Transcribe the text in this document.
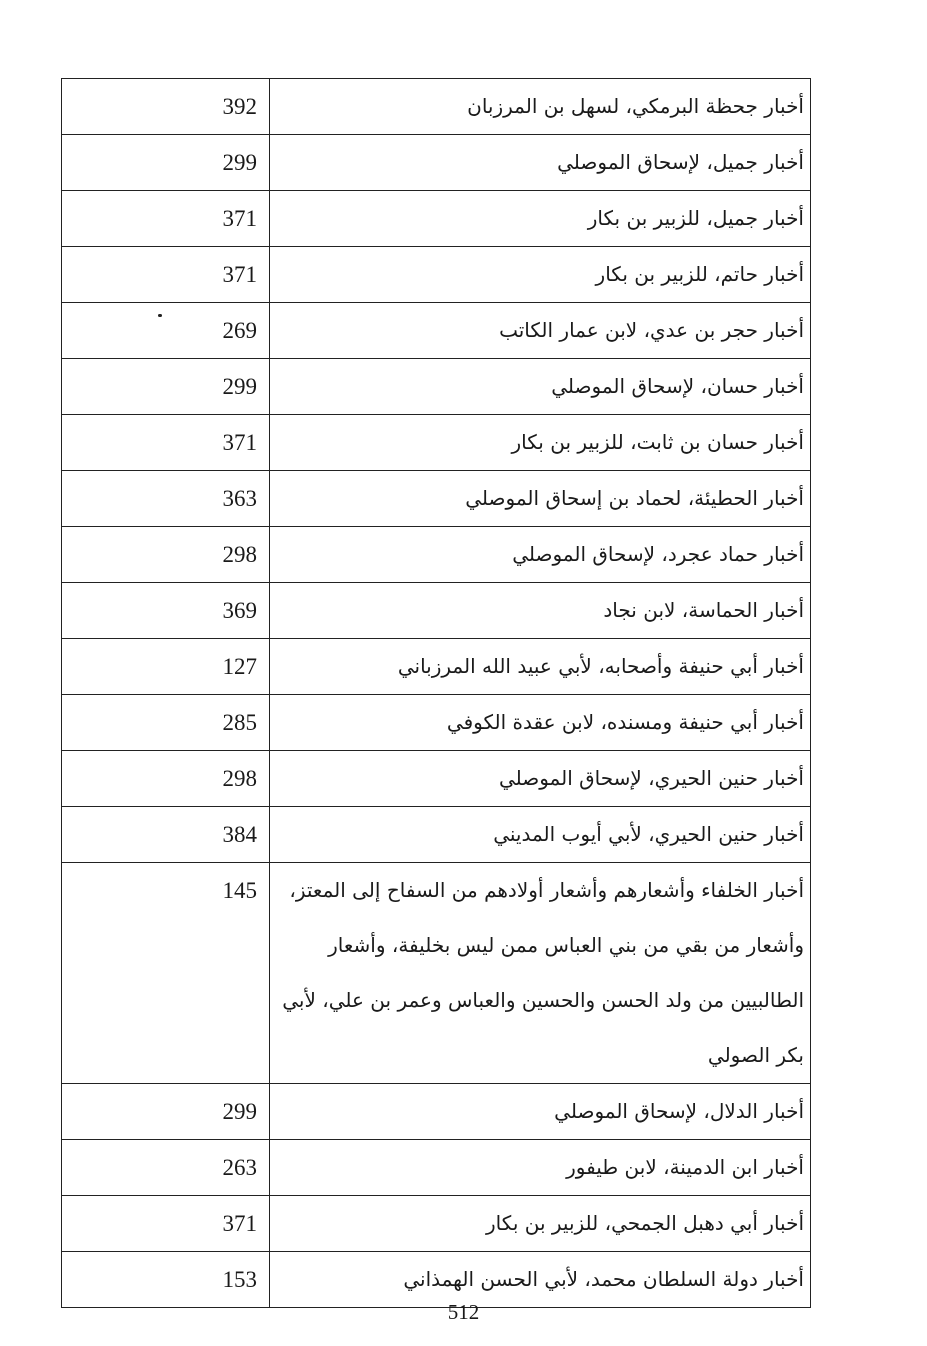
392	أخبار جحظة البرمكي، لسهل بن المرزبان
299	أخبار جميل، لإسحاق الموصلي
371	أخبار جميل، للزبير بن بكار
371	أخبار حاتم، للزبير بن بكار
269	أخبار حجر بن عدي، لابن عمار الكاتب
299	أخبار حسان، لإسحاق الموصلي
371	أخبار حسان بن ثابت، للزبير بن بكار
363	أخبار الحطيئة، لحماد بن إسحاق الموصلي
298	أخبار حماد عجرد، لإسحاق الموصلي
369	أخبار الحماسة، لابن نجاد
127	أخبار أبي حنيفة وأصحابه، لأبي عبيد الله المرزباني
285	أخبار أبي حنيفة ومسنده، لابن عقدة الكوفي
298	أخبار حنين الحيري، لإسحاق الموصلي
384	أخبار حنين الحيري، لأبي أيوب المديني
145	أخبار الخلفاء وأشعارهم وأشعار أولادهم من السفاح إلى المعتز، وأشعار من بقي من بني العباس ممن ليس بخليفة، وأشعار الطالبيين من ولد الحسن والحسين والعباس وعمر بن علي، لأبي بكر الصولي
299	أخبار الدلال، لإسحاق الموصلي
263	أخبار ابن الدمينة، لابن طيفور
371	أخبار أبي دهبل الجمحي، للزبير بن بكار
153	أخبار دولة السلطان محمد، لأبي الحسن الهمذاني
512
